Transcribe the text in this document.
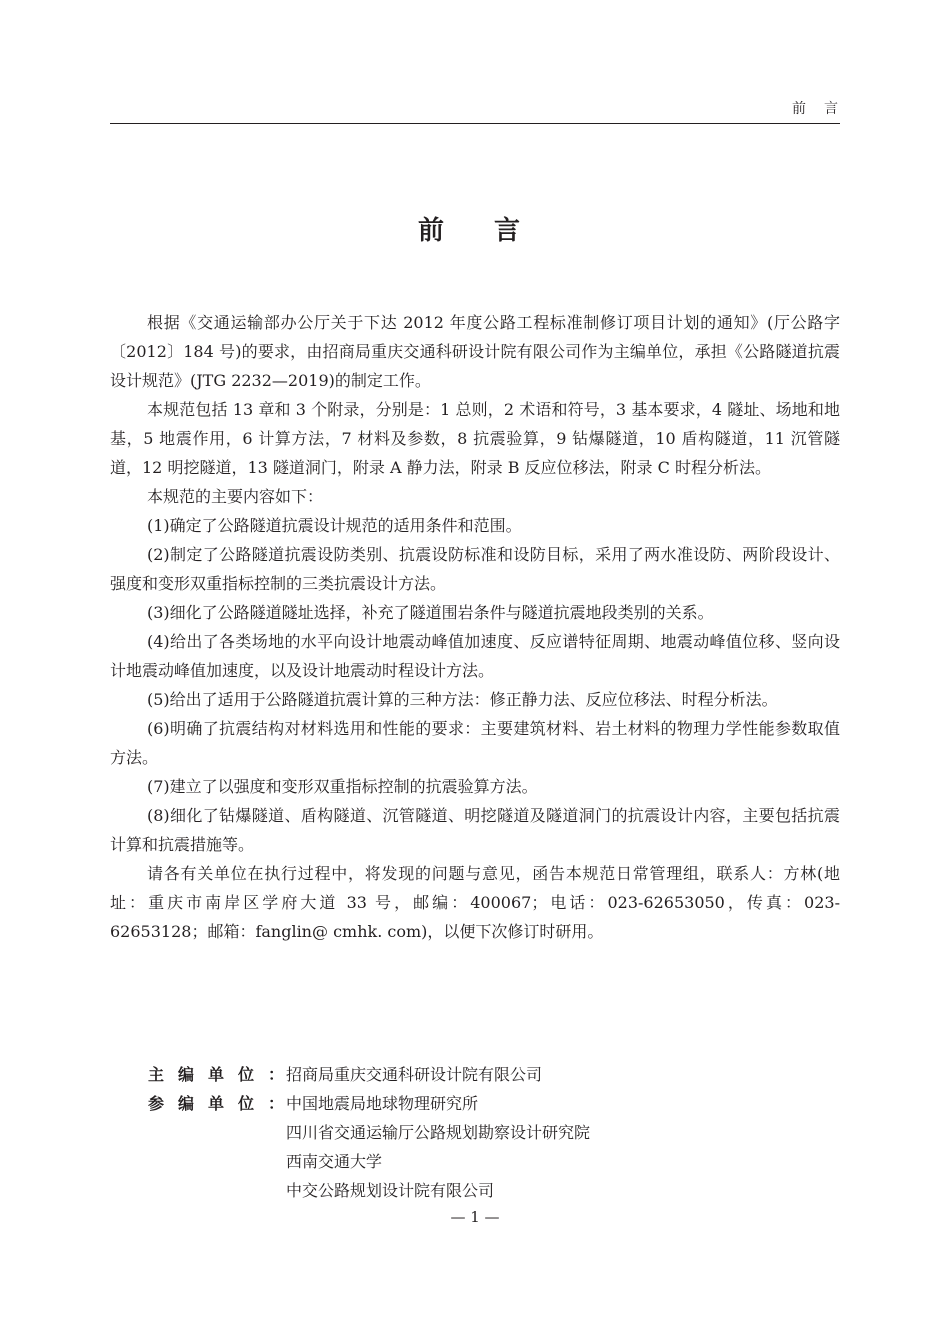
前　言
前　言

根据《交通运输部办公厅关于下达 2012 年度公路工程标准制修订项目计划的通知》(厅公路字〔2012〕184 号)的要求，由招商局重庆交通科研设计院有限公司作为主编单位，承担《公路隧道抗震设计规范》(JTG 2232—2019)的制定工作。

本规范包括 13 章和 3 个附录，分别是：1 总则，2 术语和符号，3 基本要求，4 隧址、场地和地基，5 地震作用，6 计算方法，7 材料及参数，8 抗震验算，9 钻爆隧道，10 盾构隧道，11 沉管隧道，12 明挖隧道，13 隧道洞门，附录 A 静力法，附录 B 反应位移法，附录 C 时程分析法。

本规范的主要内容如下：

(1)确定了公路隧道抗震设计规范的适用条件和范围。

(2)制定了公路隧道抗震设防类别、抗震设防标准和设防目标，采用了两水准设防、两阶段设计、强度和变形双重指标控制的三类抗震设计方法。

(3)细化了公路隧道隧址选择，补充了隧道围岩条件与隧道抗震地段类别的关系。

(4)给出了各类场地的水平向设计地震动峰值加速度、反应谱特征周期、地震动峰值位移、竖向设计地震动峰值加速度，以及设计地震动时程设计方法。

(5)给出了适用于公路隧道抗震计算的三种方法：修正静力法、反应位移法、时程分析法。

(6)明确了抗震结构对材料选用和性能的要求：主要建筑材料、岩土材料的物理力学性能参数取值方法。

(7)建立了以强度和变形双重指标控制的抗震验算方法。

(8)细化了钻爆隧道、盾构隧道、沉管隧道、明挖隧道及隧道洞门的抗震设计内容，主要包括抗震计算和抗震措施等。

请各有关单位在执行过程中，将发现的问题与意见，函告本规范日常管理组，联系人：方林(地址：重庆市南岸区学府大道 33 号，邮编：400067；电话：023-62653050，传真：023-62653128；邮箱：fanglin@ cmhk. com)，以便下次修订时研用。

主编单位： 招商局重庆交通科研设计院有限公司
参编单位： 中国地震局地球物理研究所
四川省交通运输厅公路规划勘察设计研究院
西南交通大学
中交公路规划设计院有限公司
— 1 —
